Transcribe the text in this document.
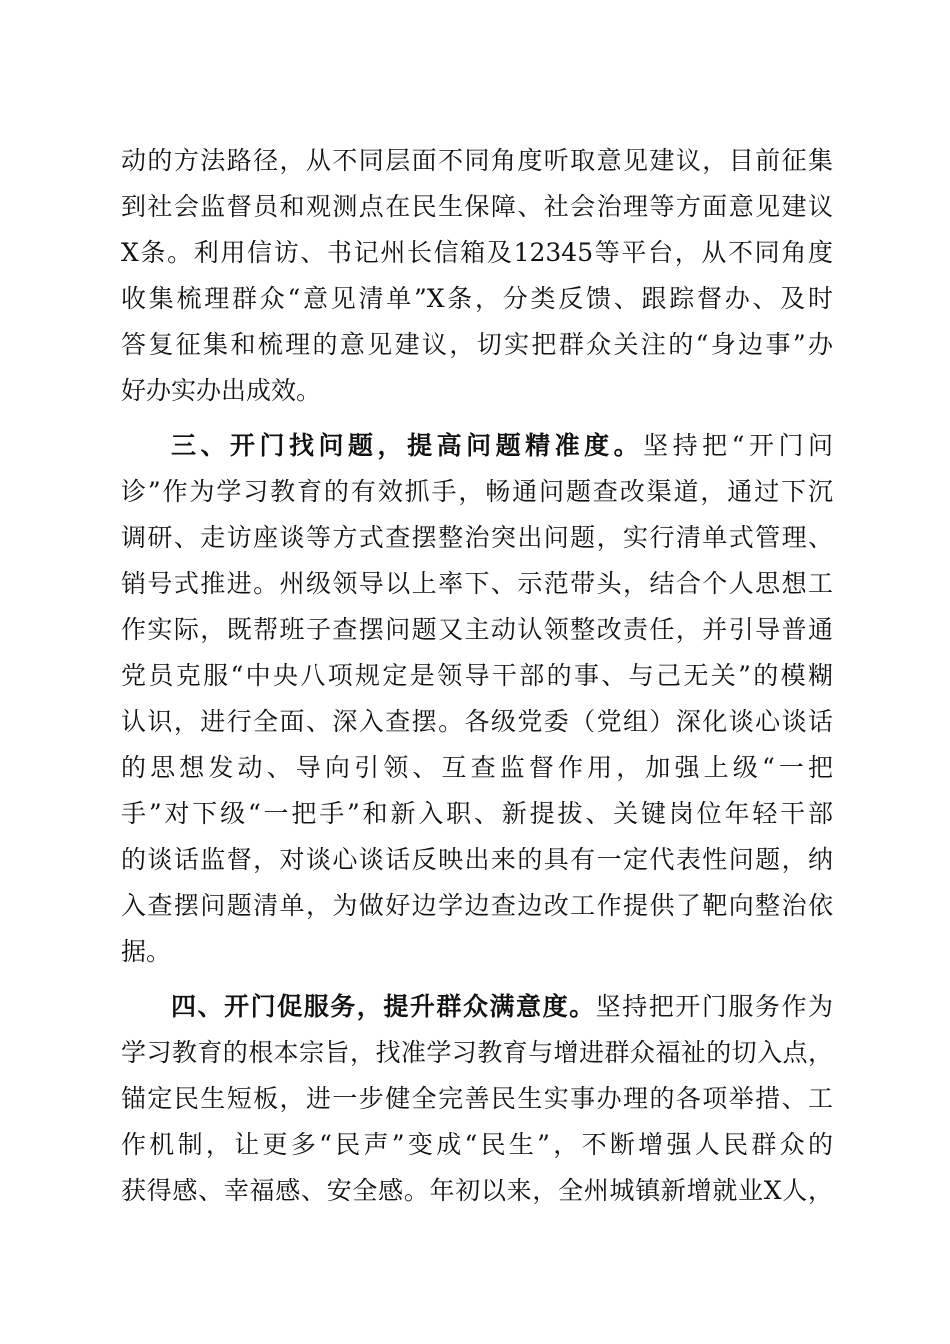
动的方法路径，从不同层面不同角度听取意见建议，目前征集
到社会监督员和观测点在民生保障、社会治理等方面意见建议
X条。利用信访、书记州长信箱及12345等平台，从不同角度
收集梳理群众“意见清单”X条，分类反馈、跟踪督办、及时
答复征集和梳理的意见建议，切实把群众关注的“身边事”办
好办实办出成效。
三、开门找问题，提高问题精准度。坚持把“开门问
诊”作为学习教育的有效抓手，畅通问题查改渠道，通过下沉
调研、走访座谈等方式查摆整治突出问题，实行清单式管理、
销号式推进。州级领导以上率下、示范带头，结合个人思想工
作实际，既帮班子查摆问题又主动认领整改责任，并引导普通
党员克服“中央八项规定是领导干部的事、与己无关”的模糊
认识，进行全面、深入查摆。各级党委（党组）深化谈心谈话
的思想发动、导向引领、互查监督作用，加强上级“一把
手”对下级“一把手”和新入职、新提拔、关键岗位年轻干部
的谈话监督，对谈心谈话反映出来的具有一定代表性问题，纳
入查摆问题清单，为做好边学边查边改工作提供了靶向整治依
据。
四、开门促服务，提升群众满意度。坚持把开门服务作为
学习教育的根本宗旨，找准学习教育与增进群众福祉的切入点，
锚定民生短板，进一步健全完善民生实事办理的各项举措、工
作机制，让更多“民声”变成“民生”，不断增强人民群众的
获得感、幸福感、安全感。年初以来，全州城镇新增就业X人，
